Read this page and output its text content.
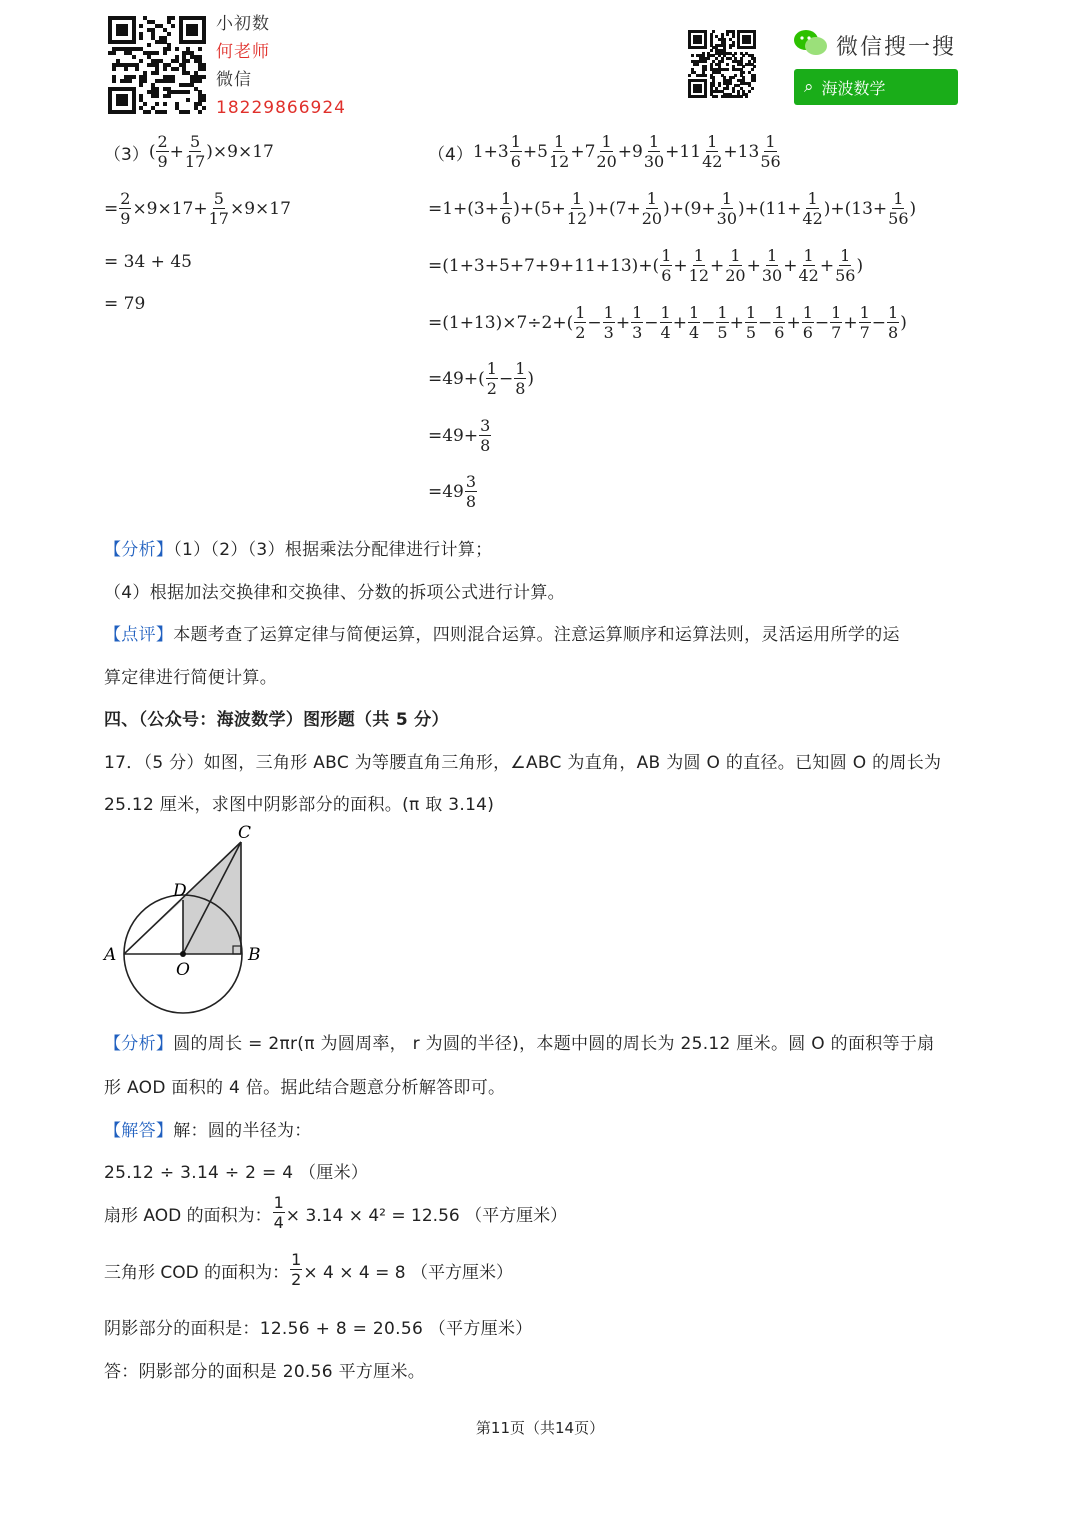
小初数
何老师
微信
18229866924
微信搜一搜
⌕ 海波数学
（3） ( $\frac{2}{9} + \frac{5}{17} )\times 9\times 17$
= $\frac{2}{9} \times 9\times 17+ \frac{5}{17} \times 9\times 17$
= 34 + 45
= 79
（4） $1+3 \frac{1}{6} +5 \frac{1}{12} +7 \frac{1}{20} +9 \frac{1}{30} +11 \frac{1}{42} +13 \frac{1}{56}$
$=1+(3+ \frac{1}{6} )+(5+ \frac{1}{12} )+(7+ \frac{1}{20} )+(9+ \frac{1}{30} )+(11+ \frac{1}{42} )+(13+ \frac{1}{56}$ )
$=(1+3+5+7+9+11+13)+( \frac{1}{6} + \frac{1}{12} + \frac{1}{20} + \frac{1}{30} + \frac{1}{42} + \frac{1}{56}$ )
$=(1+13)\times 7\div 2+( \frac{1}{2} - \frac{1}{3} + \frac{1}{3} - \frac{1}{4} + \frac{1}{4} - \frac{1}{5} + \frac{1}{5} - \frac{1}{6} + \frac{1}{6} - \frac{1}{7} + \frac{1}{7} - \frac{1}{8}$ )
$=49+( \frac{1}{2} - \frac{1}{8}$ )
$=49+ \frac{3}{8}$
$=49 \frac{3}{8}$
【分析】（1）（2）（3）根据乘法分配律进行计算；
（4）根据加法交换律和交换律、分数的拆项公式进行计算。
【点评】本题考查了运算定律与简便运算，四则混合运算。注意运算顺序和运算法则，灵活运用所学的运
算定律进行简便计算。
四、（公众号：海波数学）图形题（共 5 分）
17．（5 分）如图，三角形 ABC 为等腰直角三角形，∠ABC 为直角，AB 为圆 O 的直径。已知圆 O 的周长为
25.12 厘米，求图中阴影部分的面积。(π 取 3.14)
C
D
A	B
O
【分析】圆的周长 = 2πr(π 为圆周率， r 为圆的半径)，本题中圆的周长为 25.12 厘米。圆 O 的面积等于扇
形 AOD 面积的 4 倍。据此结合题意分析解答即可。
【解答】解：圆的半径为：
25.12 ÷ 3.14 ÷ 2 = 4 （厘米）
扇形 AOD 的面积为： $\frac{1}{4} \times 3.14 \times 4^2 = 12.56$ （平方厘米）
三角形 COD 的面积为： $\frac{1}{2} \times 4 \times 4 = 8$ （平方厘米）
阴影部分的面积是：12.56 + 8 = 20.56 （平方厘米）
答：阴影部分的面积是 20.56 平方厘米。
第11页（共14页）
